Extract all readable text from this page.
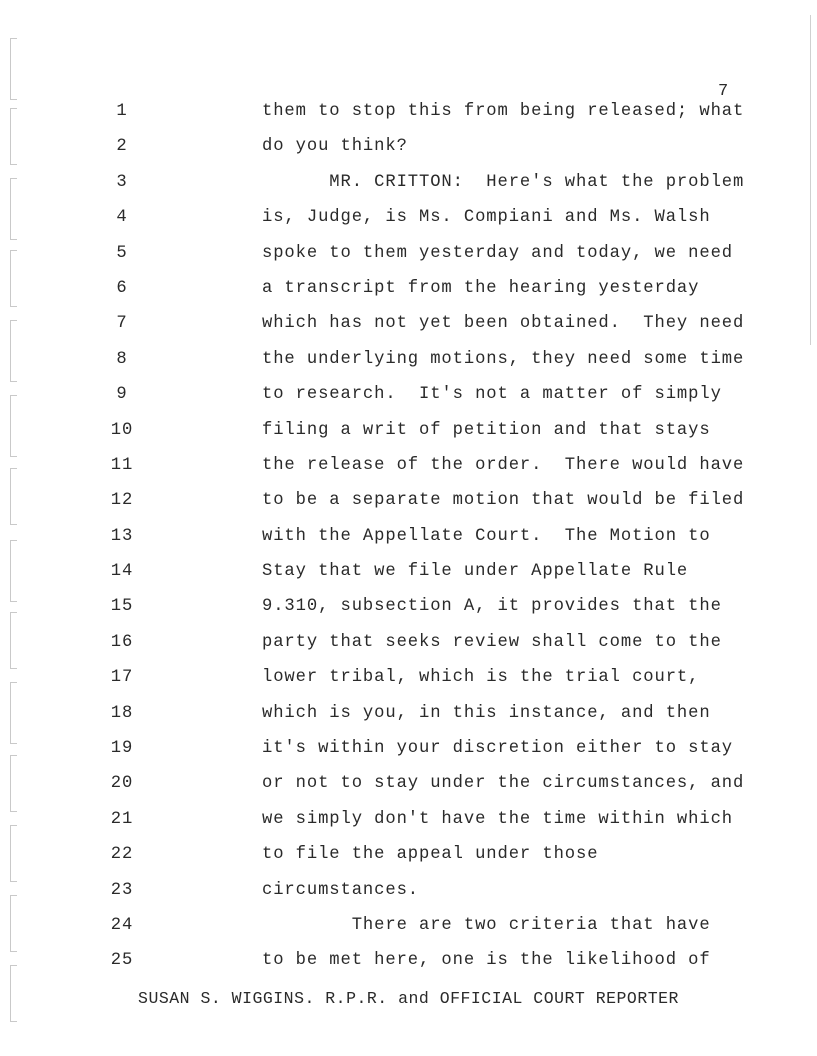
7
1	them to stop this from being released; what
2	do you think?
3	MR. CRITTON:  Here's what the problem
4	is, Judge, is Ms. Compiani and Ms. Walsh
5	spoke to them yesterday and today, we need
6	a transcript from the hearing yesterday
7	which has not yet been obtained.  They need
8	the underlying motions, they need some time
9	to research.  It's not a matter of simply
10	filing a writ of petition and that stays
11	the release of the order.  There would have
12	to be a separate motion that would be filed
13	with the Appellate Court.  The Motion to
14	Stay that we file under Appellate Rule
15	9.310, subsection A, it provides that the
16	party that seeks review shall come to the
17	lower tribal, which is the trial court,
18	which is you, in this instance, and then
19	it's within your discretion either to stay
20	or not to stay under the circumstances, and
21	we simply don't have the time within which
22	to file the appeal under those
23	circumstances.
24	There are two criteria that have
25	to be met here, one is the likelihood of
SUSAN S. WIGGINS. R.P.R. and OFFICIAL COURT REPORTER
